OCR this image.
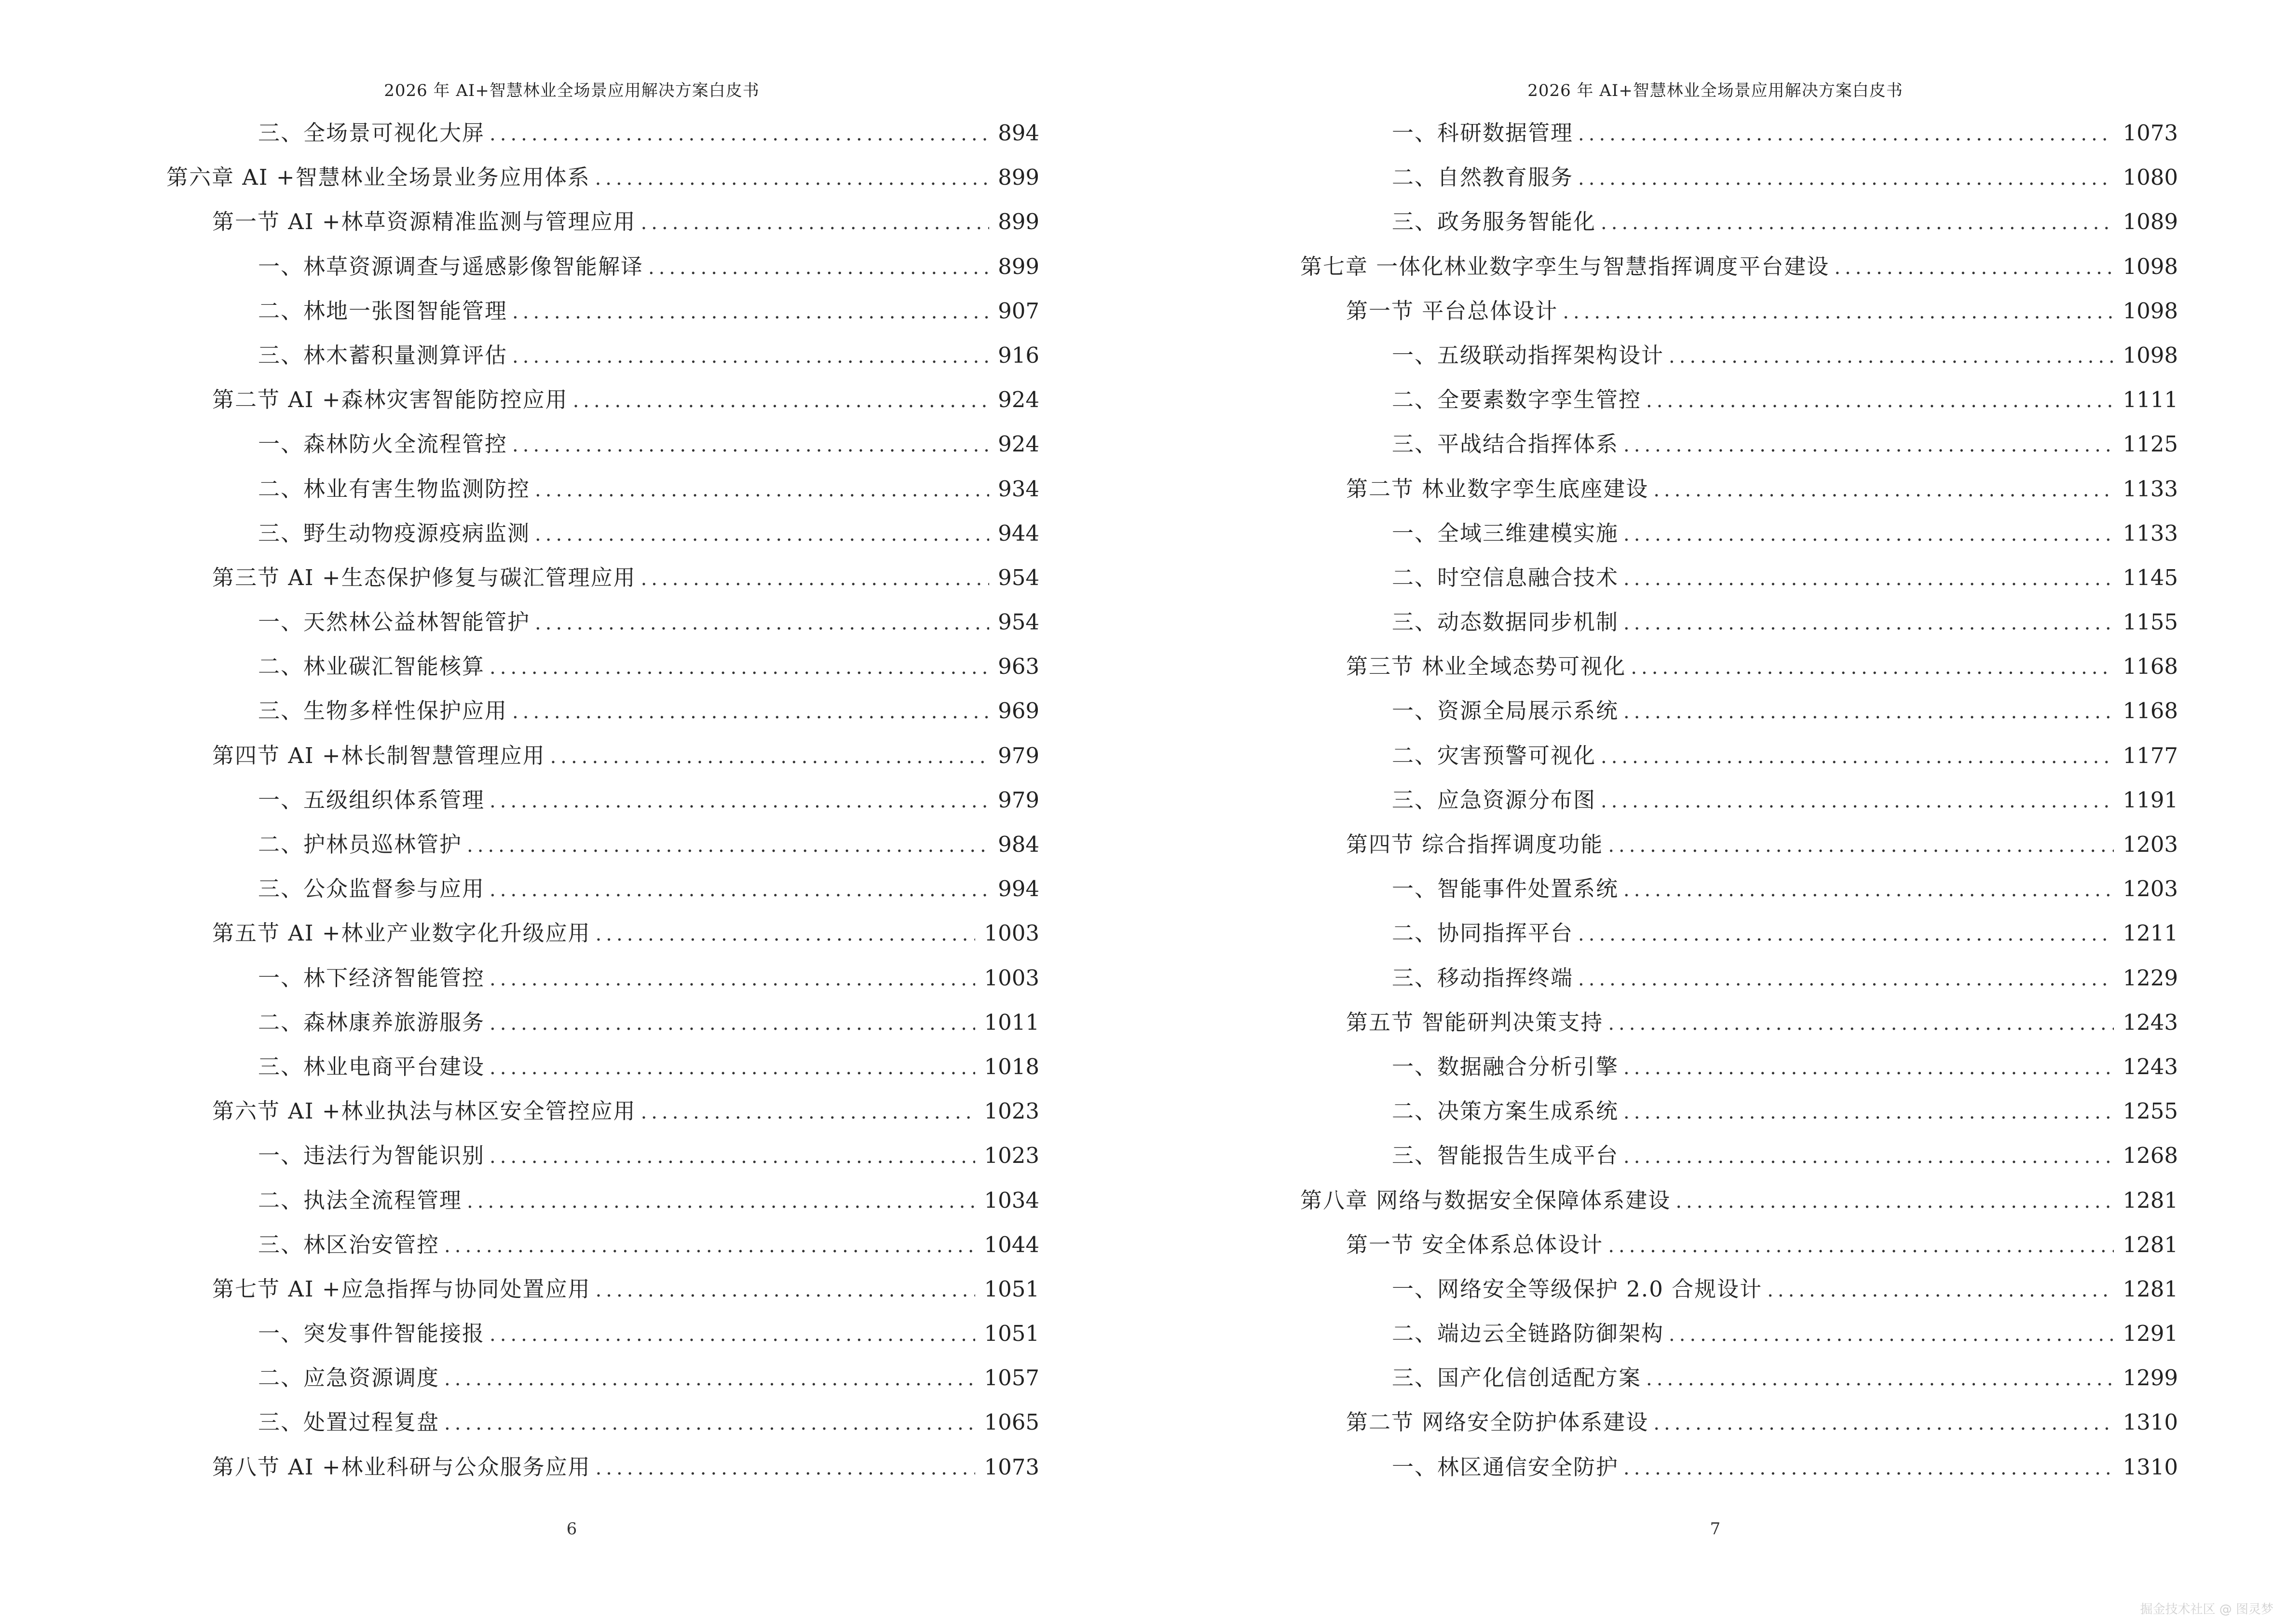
2026 年 AI+智慧林业全场景应用解决方案白皮书
三、全场景可视化大屏 .....	894
第六章 AI +智慧林业全场景业务应用体系 .....	899
第一节 AI +林草资源精准监测与管理应用 .....	899
一、林草资源调查与遥感影像智能解译 .....	899
二、林地一张图智能管理 .....	907
三、林木蓄积量测算评估 .....	916
第二节 AI +森林灾害智能防控应用 .....	924
一、森林防火全流程管控 .....	924
二、林业有害生物监测防控 .....	934
三、野生动物疫源疫病监测 .....	944
第三节 AI +生态保护修复与碳汇管理应用 .....	954
一、天然林公益林智能管护 .....	954
二、林业碳汇智能核算 .....	963
三、生物多样性保护应用 .....	969
第四节 AI +林长制智慧管理应用 .....	979
一、五级组织体系管理 .....	979
二、护林员巡林管护 .....	984
三、公众监督参与应用 .....	994
第五节 AI +林业产业数字化升级应用 .....	1003
一、林下经济智能管控 .....	1003
二、森林康养旅游服务 .....	1011
三、林业电商平台建设 .....	1018
第六节 AI +林业执法与林区安全管控应用 .....	1023
一、违法行为智能识别 .....	1023
二、执法全流程管理 .....	1034
三、林区治安管控 .....	1044
第七节 AI +应急指挥与协同处置应用 .....	1051
一、突发事件智能接报 .....	1051
二、应急资源调度 .....	1057
三、处置过程复盘 .....	1065
第八节 AI +林业科研与公众服务应用 .....	1073
6
2026 年 AI+智慧林业全场景应用解决方案白皮书
一、科研数据管理 .....	1073
二、自然教育服务 .....	1080
三、政务服务智能化 .....	1089
第七章 一体化林业数字孪生与智慧指挥调度平台建设 .....	1098
第一节 平台总体设计 .....	1098
一、五级联动指挥架构设计 .....	1098
二、全要素数字孪生管控 .....	1111
三、平战结合指挥体系 .....	1125
第二节 林业数字孪生底座建设 .....	1133
一、全域三维建模实施 .....	1133
二、时空信息融合技术 .....	1145
三、动态数据同步机制 .....	1155
第三节 林业全域态势可视化 .....	1168
一、资源全局展示系统 .....	1168
二、灾害预警可视化 .....	1177
三、应急资源分布图 .....	1191
第四节 综合指挥调度功能 .....	1203
一、智能事件处置系统 .....	1203
二、协同指挥平台 .....	1211
三、移动指挥终端 .....	1229
第五节 智能研判决策支持 .....	1243
一、数据融合分析引擎 .....	1243
二、决策方案生成系统 .....	1255
三、智能报告生成平台 .....	1268
第八章 网络与数据安全保障体系建设 .....	1281
第一节 安全体系总体设计 .....	1281
一、网络安全等级保护 2.0 合规设计 .....	1281
二、端边云全链路防御架构 .....	1291
三、国产化信创适配方案 .....	1299
第二节 网络安全防护体系建设 .....	1310
一、林区通信安全防护 .....	1310
7
掘金技术社区 @ 图灵梦
